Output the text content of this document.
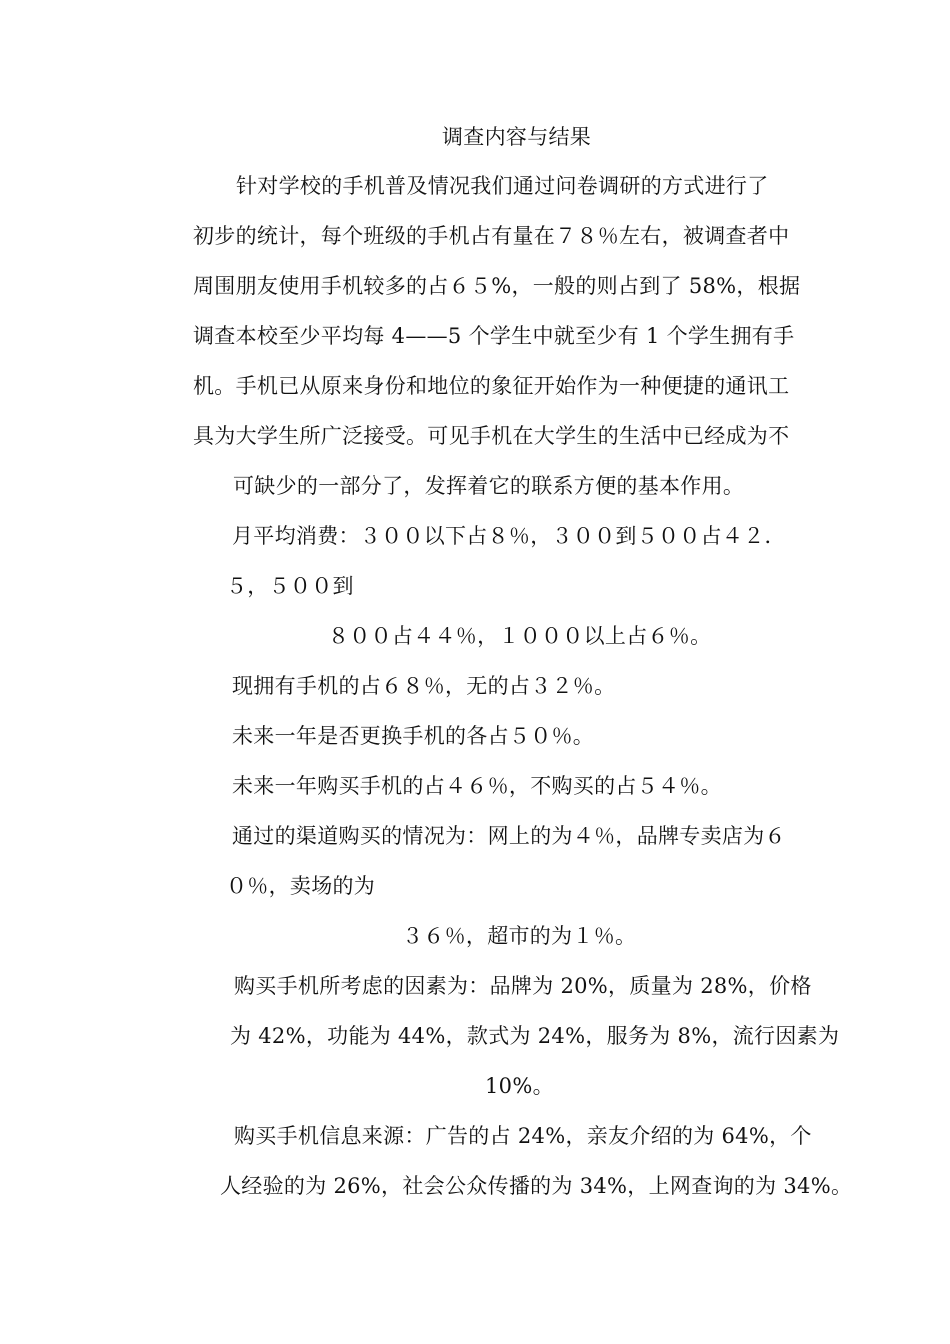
调查内容与结果
针对学校的手机普及情况我们通过问卷调研的方式进行了
初步的统计，每个班级的手机占有量在７８％左右，被调查者中
周围朋友使用手机较多的占６５%，一般的则占到了 58%，根据
调查本校至少平均每 4——5 个学生中就至少有 1 个学生拥有手
机。手机已从原来身份和地位的象征开始作为一种便捷的通讯工
具为大学生所广泛接受。可见手机在大学生的生活中已经成为不
可缺少的一部分了，发挥着它的联系方便的基本作用。
月平均消费：３００以下占８％，３００到５００占４２．
５，５００到
８００占４４％，１０００以上占６％。
现拥有手机的占６８％，无的占３２％。
未来一年是否更换手机的各占５０％。
未来一年购买手机的占４６％，不购买的占５４％。
通过的渠道购买的情况为：网上的为４％，品牌专卖店为６
０％，卖场的为
３６％，超市的为１％。
购买手机所考虑的因素为：品牌为 20%，质量为 28%，价格
为 42%，功能为 44%，款式为 24%，服务为 8%，流行因素为
10%。
购买手机信息来源：广告的占 24%，亲友介绍的为 64%，个
人经验的为 26%，社会公众传播的为 34%，上网查询的为 34%。
